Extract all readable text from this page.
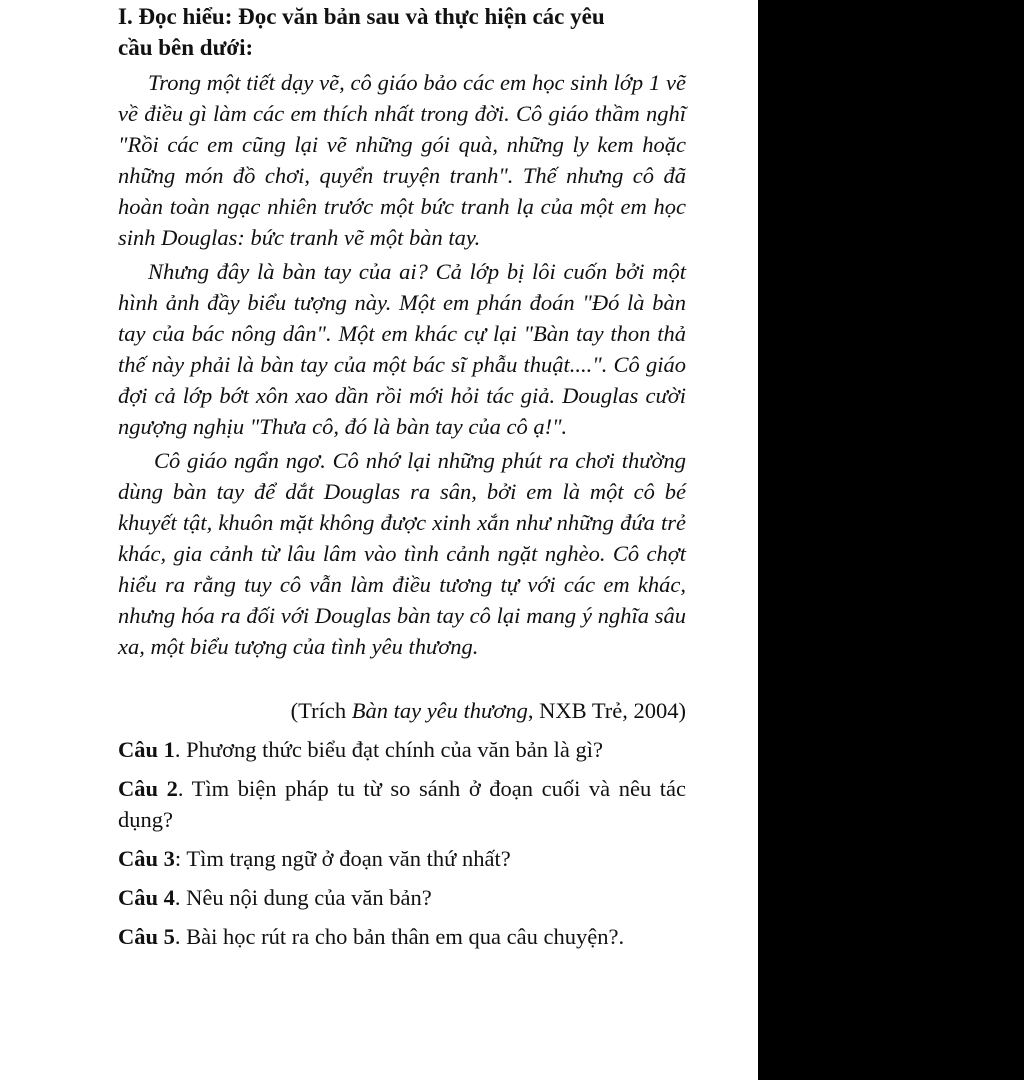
I. Đọc hiểu: Đọc văn bản sau và thực hiện các yêu
cầu bên dưới:

Trong một tiết dạy vẽ, cô giáo bảo các em học sinh lớp 1 vẽ về điều gì làm các em thích nhất trong đời. Cô giáo thầm nghĩ "Rồi các em cũng lại vẽ những gói quà, những ly kem hoặc những món đồ chơi, quyển truyện tranh". Thế nhưng cô đã hoàn toàn ngạc nhiên trước một bức tranh lạ của một em học sinh Douglas: bức tranh vẽ một bàn tay.

Nhưng đây là bàn tay của ai? Cả lớp bị lôi cuốn bởi một hình ảnh đầy biểu tượng này. Một em phán đoán "Đó là bàn tay của bác nông dân". Một em khác cự lại "Bàn tay thon thả thế này phải là bàn tay của một bác sĩ phẫu thuật....". Cô giáo đợi cả lớp bớt xôn xao dần rồi mới hỏi tác giả. Douglas cười ngượng nghịu "Thưa cô, đó là bàn tay của cô ạ!".

Cô giáo ngẩn ngơ. Cô nhớ lại những phút ra chơi thường dùng bàn tay để dắt Douglas ra sân, bởi em là một cô bé khuyết tật, khuôn mặt không được xinh xắn như những đứa trẻ khác, gia cảnh từ lâu lâm vào tình cảnh ngặt nghèo. Cô chợt hiểu ra rằng tuy cô vẫn làm điều tương tự với các em khác, nhưng hóa ra đối với Douglas bàn tay cô lại mang ý nghĩa sâu xa, một biểu tượng của tình yêu thương.

(Trích Bàn tay yêu thương, NXB Trẻ, 2004)

Câu 1. Phương thức biểu đạt chính của văn bản là gì?

Câu 2. Tìm biện pháp tu từ so sánh ở đoạn cuối và nêu tác dụng?

Câu 3: Tìm trạng ngữ ở đoạn văn thứ nhất?

Câu 4. Nêu nội dung của văn bản?

Câu 5. Bài học rút ra cho bản thân em qua câu chuyện?.
